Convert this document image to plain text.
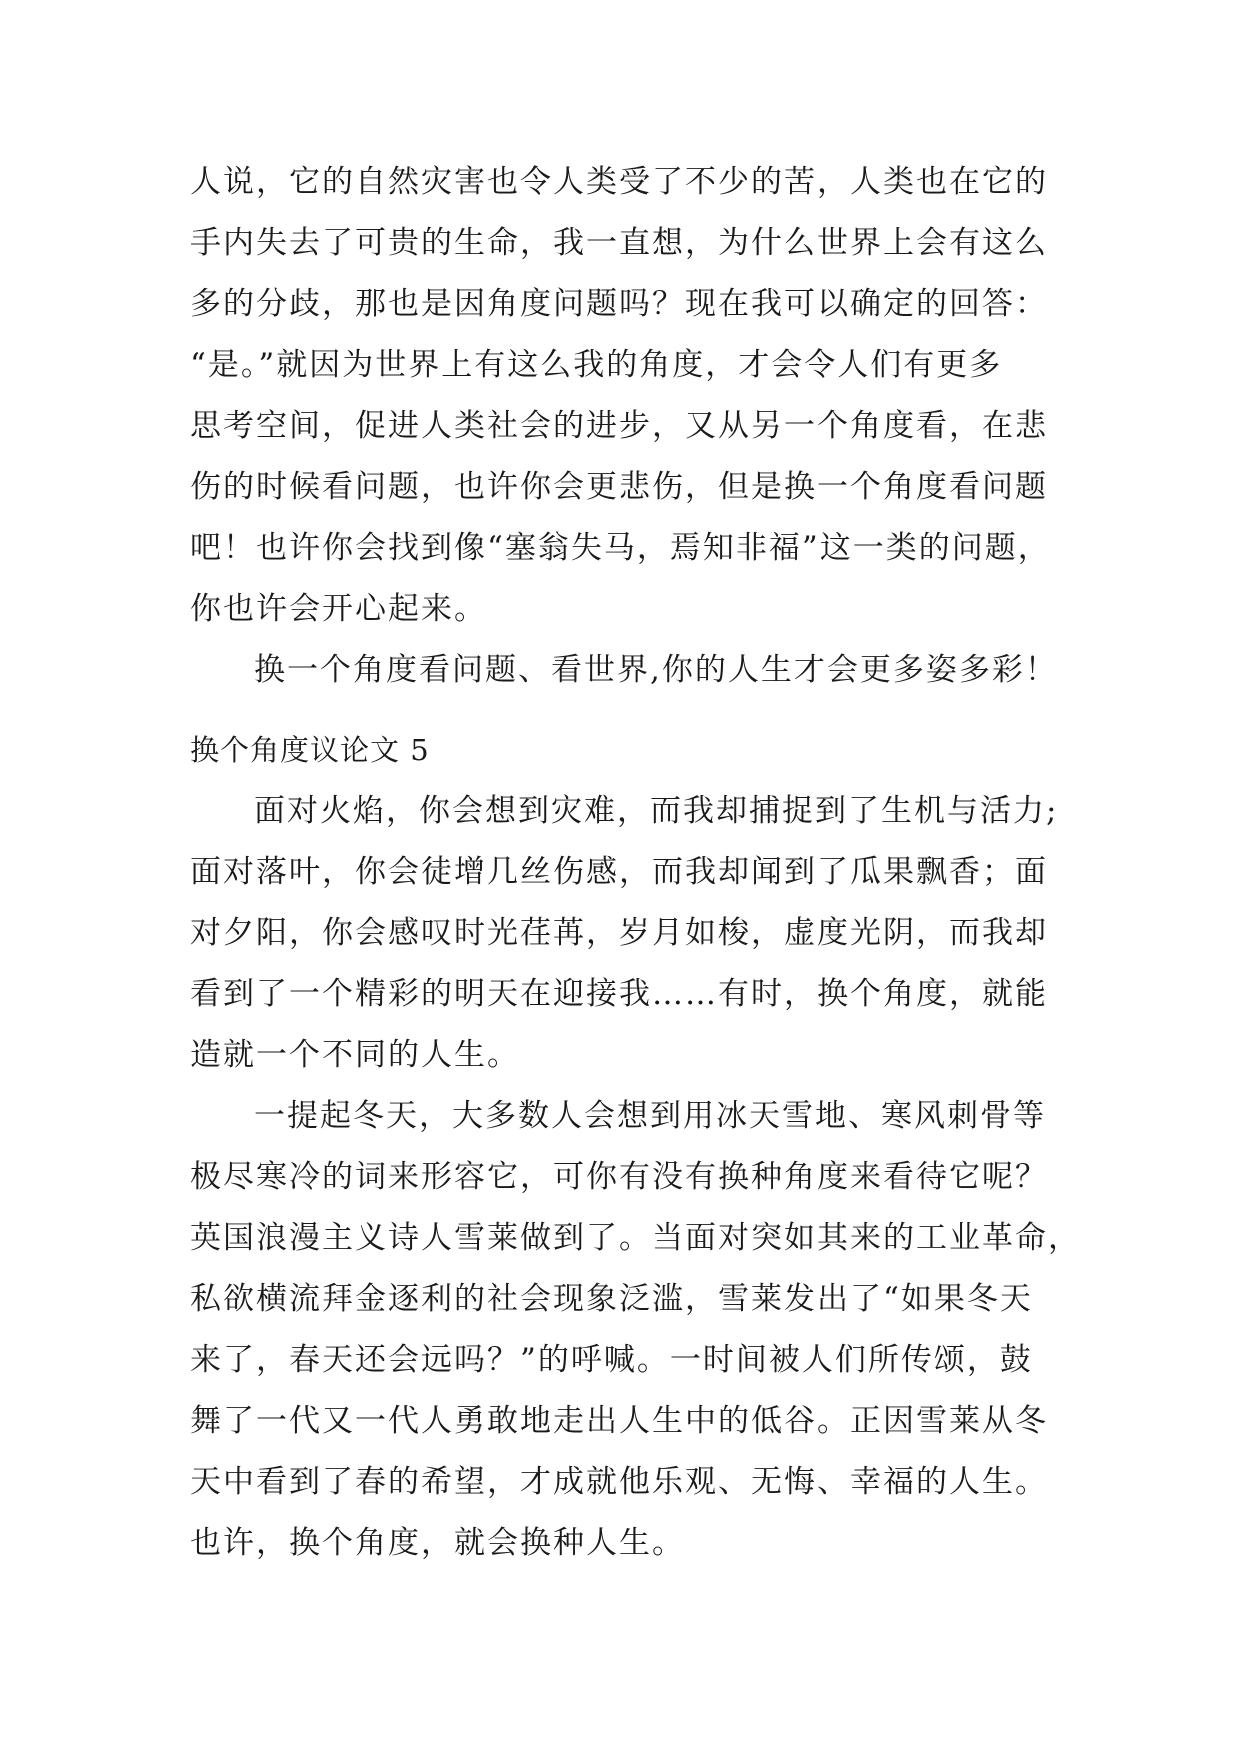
人说，它的自然灾害也令人类受了不少的苦，人类也在它的
手内失去了可贵的生命，我一直想，为什么世界上会有这么
多的分歧，那也是因角度问题吗？现在我可以确定的回答：
“是。”就因为世界上有这么我的角度，才会令人们有更多
思考空间，促进人类社会的进步，又从另一个角度看，在悲
伤的时候看问题，也许你会更悲伤，但是换一个角度看问题
吧！也许你会找到像“塞翁失马，焉知非福”这一类的问题，
你也许会开心起来。
换一个角度看问题、看世界,你的人生才会更多姿多彩！
换个角度议论文 5
面对火焰，你会想到灾难，而我却捕捉到了生机与活力;
面对落叶，你会徒增几丝伤感，而我却闻到了瓜果飘香；面
对夕阳，你会感叹时光荏苒，岁月如梭，虚度光阴，而我却
看到了一个精彩的明天在迎接我……有时，换个角度，就能
造就一个不同的人生。
一提起冬天，大多数人会想到用冰天雪地、寒风刺骨等
极尽寒冷的词来形容它，可你有没有换种角度来看待它呢？
英国浪漫主义诗人雪莱做到了。当面对突如其来的工业革命，
私欲横流拜金逐利的社会现象泛滥，雪莱发出了“如果冬天
来了，春天还会远吗？”的呼喊。一时间被人们所传颂，鼓
舞了一代又一代人勇敢地走出人生中的低谷。正因雪莱从冬
天中看到了春的希望，才成就他乐观、无悔、幸福的人生。
也许，换个角度，就会换种人生。
